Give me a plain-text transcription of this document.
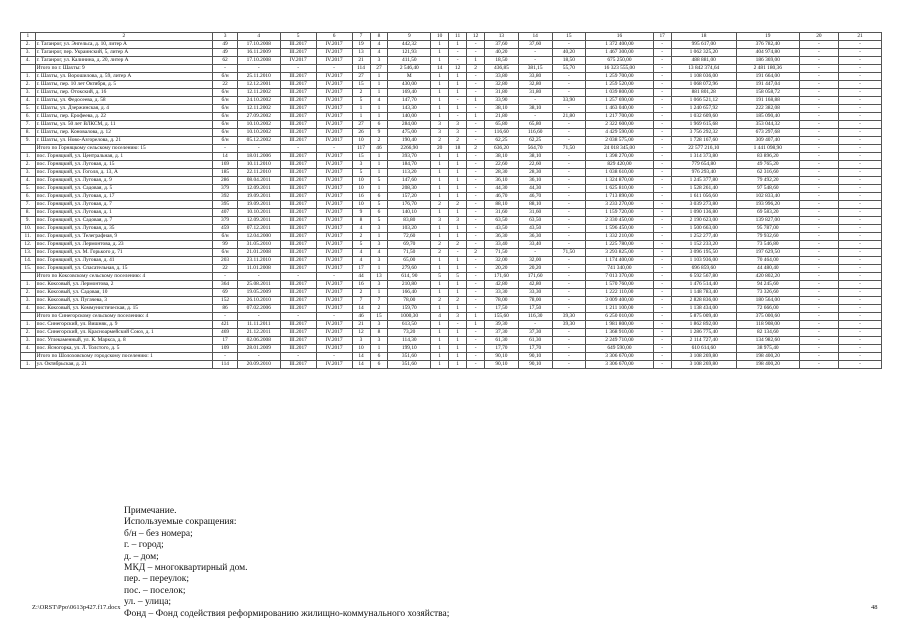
1	2	3	4	5	6	7	8	9	10	11	12	13	14	15	16	17	18	19	20	21
2.	г. Таганрог, ул. Энгельса, д. 10, литер А	49	17.10.2008	III.2017	IV.2017	19	4	442,32	1	1	-	37,60	37,60	-	1 372 400,00	-	995 617,00	376 782,40	-	-
3.	г. Таганрог, пер. Украинский, 5, литер А	49	16.11.2009	III.2017	IV.2017	13	4	121,93	1	-	-	40,20	-	40,20	1 467 300,00	-	1 062 325,20	404 974,80	-	-
4.	г. Таганрог, ул. Калинина, д. 20, литер А	62	17.10.2008	IV.2017	IV.2017	21	3	411,50	1	-	1	18,50	-	18,50	675 250,00	-	488 881,00	186 369,00	-	-
	Итого по г. Шахты: 9	-	-	-	-	114	27	2 546,40	14	12	2	436,85	381,15	55,70	16 323 555,00	-	13 842 374,64	2 481 180,36	-	-
1.	г. Шахты, ул. Ворошилова, д. 59, литер А	б/н	25.11.2010	III.2017	IV.2017	27	1	М	1	1	-	33,80	33,80	-	1 259 700,00	-	1 108 036,00	191 664,00	-	-
2.	г. Шахты, пер. 10 лет Октября, д. 5	22	12.12.2001	III.2017	IV.2017	15	1	430,00	1	1	-	32,80	32,80	-	1 259 520,00	-	1 068 072,96	191 447,04	-	-
3.	г. Шахты, пер. Отокский, д. 16	б/н	12.11.2002	III.2017	IV.2017	2	1	169,40	1	1	-	31,80	31,80	-	1 039 800,00	-	881 801,28	158 058,72	-	-
4.	г. Шахты, ул. Федосеева, д. 58	б/н	24.10.2002	III.2017	IV.2017	5	4	147,70	1	-	1	33,90	-	33,90	1 257 690,00	-	1 066 521,12	191 168,88	-	-
5.	г. Шахты, ул. Дзержинская, д. 4	б/н	12.11.2002	III.2017	IV.2017	1	1	143,30	1	1	-	38,10	38,10	-	1 463 040,00	-	1 240 657,92	222 382,08	-	-
6.	г. Шахты, пер. Ерофеева, д. 22	б/н	27.09.2002	III.2017	IV.2017	1	1	140,00	1	-	1	21,80	-	21,80	1 217 700,00	-	1 032 609,60	185 090,40	-	-
7.	г. Шахты, ул. 50 лет ВЛКСМ, д. 11	б/н	10.10.2002	III.2017	IV.2017	27	6	284,00	3	3	-	65,80	65,80	-	2 322 600,00	-	1 969 615,68	353 044,32	-	-
8.	г. Шахты, пер. Коновалова, д. 12	б/н	10.10.2002	III.2017	IV.2017	26	9	475,00	3	3	-	116,60	116,60	-	4 429 590,00	-	3 756 292,32	673 297,68	-	-
9.	г. Шахты, ул. Ново-Азгорелова, д. 21	б/н	05.12.2002	III.2017	IV.2017	10	2	190,40	2	2	-	62,25	62,25	-	2 038 575,00	-	1 728 167,60	309 407,40	-	-
	Итого по Горняцкому сельскому поселению: 15	-	-	-	-	117	46	2266,90	20	18	2	636,20	564,70	71,50	24 018 345,00	-	22 577 216,10	1 441 098,90	-	-
1.	пос. Горняцкий, ул. Центральная, д. 1	14	18.01.2006	III.2017	IV.2017	15	1	393,70	1	1	-	38,10	38,10	-	1 398 270,00	-	1 314 373,80	83 896,20	-	-
2.	пос. Горняцкий, ул. Луговая, д. 15	169	10.11.2010	III.2017	IV.2017	3	1	184,70	1	1	-	22,60	22,60	-	829 420,00	-	779 654,80	49 765,20	-	-
3.	пос. Горняцкий, ул. Гоголя, д. 13, А	185	22.11.2010	III.2017	IV.2017	5	1	113,20	1	1	-	28,30	28,30	-	1 038 610,00	-	976 293,40	62 316,60	-	-
4.	пос. Горняцкий, ул. Луговая, д. 9	286	08.04.2011	III.2017	IV.2017	10	5	147,60	1	1	-	36,10	36,10	-	1 324 870,00	-	1 245 377,80	79 492,20	-	-
5.	пос. Горняцкий, ул. Садовая, д. 5	379	12.09.2011	III.2017	IV.2017	10	1	208,30	1	1	-	44,30	44,30	-	1 625 810,00	-	1 528 261,40	97 548,60	-	-
6.	пос. Горняцкий, ул. Луговая, д. 17	392	19.09.2011	III.2017	IV.2017	16	6	157,20	1	1	-	46,70	46,70	-	1 713 890,00	-	1 611 056,60	102 833,40	-	-
7.	пос. Горняцкий, ул. Луговая, д. 7	395	19.09.2011	III.2017	IV.2017	10	5	176,70	2	2	-	88,10	88,10	-	3 233 270,00	-	3 039 273,80	193 996,20	-	-
8.	пос. Горняцкий, ул. Луговая, д. 1	407	10.10.2011	III.2017	IV.2017	9	6	140,10	1	1	-	31,60	31,60	-	1 159 720,00	-	1 090 136,80	69 583,20	-	-
9.	пос. Горняцкий, ул. Садовая, д. 7	379	12.09.2011	III.2017	IV.2017	8	5	83,80	3	3	-	63,50	63,50	-	2 330 450,00	-	2 190 623,00	139 827,00	-	-
10.	пос. Горняцкий, ул. Луговая, д. 35	459	07.12.2011	III.2017	IV.2017	4	3	103,20	1	1	-	43,50	43,50	-	1 596 450,00	-	1 500 663,00	95 787,00	-	-
11.	пос. Горняцкий, ул. Телеграфная, 9	б/н	12.04.2000	III.2017	IV.2017	2	1	72,60	1	1	-	36,30	36,30	-	1 332 210,00	-	1 252 277,40	79 932,60	-	-
12.	пос. Горняцкий, ул. Лермонтова, д. 23	99	31.05.2010	III.2017	IV.2017	5	3	69,70	2	2	-	33,40	33,40	-	1 225 780,00	-	1 152 233,20	73 546,80	-	-
13.	пос. Горняцкий, ул. М. Горького д. 71	б/н	21.01.2008	III.2017	IV.2017	4	4	71,50	2	-	2	71,50	-	71,50	3 293 825,00	-	3 096 195,50	197 629,50	-	-
14.	пос. Горняцкий, ул. Луговая, д. 41	203	23.11.2010	III.2017	IV.2017	4	3	65,00	1	1	-	32,00	32,00	-	1 174 400,00	-	1 103 936,00	70 464,00	-	-
15.	пос. Горняцкий, ул. Спасательная, д. 15	22	11.01.2008	III.2017	IV.2017	17	1	279,60	1	1	-	20,20	20,20	-	741 340,00	-	696 859,60	44 480,40	-	-
	Итого по Коксовскому сельскому поселению: 4	-	-	-	-	44	13	614, 90	5	5	-	171,60	171,60	-	7 013 370,00	-	6 592 567,80	420 802,20	-	-
1.	пос. Коксовый, ул. Лермонтова, 2	364	25.08.2011	III.2017	IV.2017	16	3	210,80	1	1	-	42,80	42,80	-	1 570 760,00	-	1 476 514,40	94 245,60	-	-
2.	пос. Коксовый, ул. Садовая, 10	69	19.05.2009	III.2017	IV.2017	2	1	166,40	1	1	-	33,30	33,30	-	1 222 110,00	-	1 148 783,40	73 326,60	-	-
3.	пос. Коксовый, ул. Пугачева, 3	152	26.10.2010	III.2017	IV.2017	7	7	78,00	2	2	-	78,00	78,00	-	3 009 400,00	-	2 828 836,00	180 564,00	-	-
4.	пос. Коксовый, ул. Коммунистическая, д. 15	86	07.02.2006	III.2017	IV.2017	14	2	159,70	1	1	-	17,50	17,50	-	1 211 100,00	-	1 138 434,00	72 666,00	-	-
	Итого по Синегорскому сельскому поселению: 4	-	-	-	-	46	15	1000,30	4	3	1	155,60	116,30	39,30	6 250 010,00	-	5 875 009,40	375 000,60	-	-
1.	пос. Синегорский, ул. Вишняк, д. 9	421	11.11.2011	III.2017	IV.2017	21	3	613,50	1	-	1	39,30	-	39,30	1 981 800,00	-	1 862 892,00	118 908,00	-	-
2.	пос. Синегорский, ул. Красноармейский Союз, д. 1	469	21.12.2011	III.2017	IV.2017	12	8	73,20	1	1	-	37,30	37,30	-	1 368 910,00	-	1 286 775,40	82 134,60	-	-
3.	пос. Углекаменный, ул. К. Маркса, д. 8	17	02.06.2008	III.2017	IV.2017	3	3	114,30	1	1	-	61,30	61,30	-	2 249 710,00	-	2 114 727,40	134 982,60	-	-
4.	пос. Ясногорка, ул. Л. Толстого, д. 5	109	28.01.2009	III.2017	IV.2017	10	1	199,10	1	1	-	17,70	17,70	-	649 590,00	-	610 614,60	38 975,40	-	-
	Итого по Шолоховскому городскому поселению: 1	-	-	-	-	14	6	351,60	1	1	-	90,10	90,10	-	3 306 670,00	-	3 108 269,80	198 400,20	-	-
1.	ул. Октябрьская, д. 21	114	20.09.2010	III.2017	IV.2017	14	6	351,60	1	1	-	90,10	90,10	-	3 306 670,00	-	3 108 269,80	198 400,20	-	-
Примечание.
Используемые сокращения:
б/н – без номера;
г. – город;
д. – дом;
МКД – многоквартирный дом.
пер. – переулок;
пос. – поселок;
ул. – улица;
Фонд – Фонд содействия реформированию жилищно-коммунального хозяйства;
Z:\ORST\Ppo\0613p427.f17.docx	48
